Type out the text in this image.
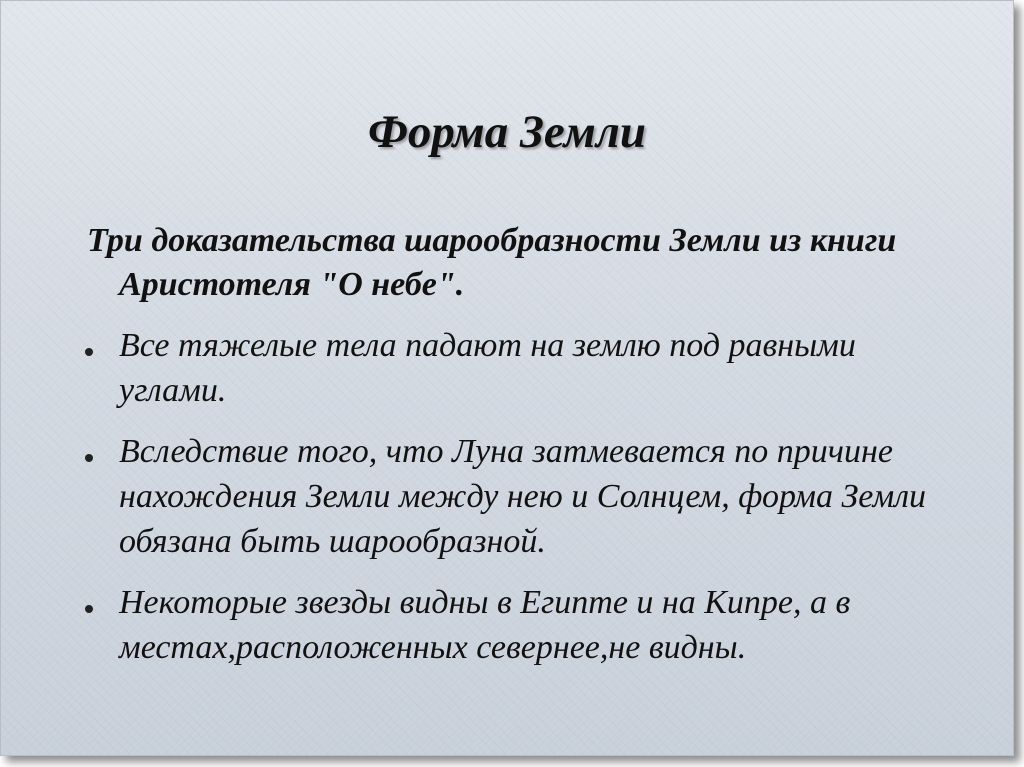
Форма Земли

Три доказательства шарообразности Земли из книги Аристотеля "О небе".

Все тяжелые тела падают на землю под равными углами.
Вследствие того, что Луна затмевается по причине нахождения Земли между нею и Солнцем, форма Земли обязана быть шарообразной.
Некоторые звезды видны в Египте и на Кипре, а в местах,расположенных севернее,не видны.
